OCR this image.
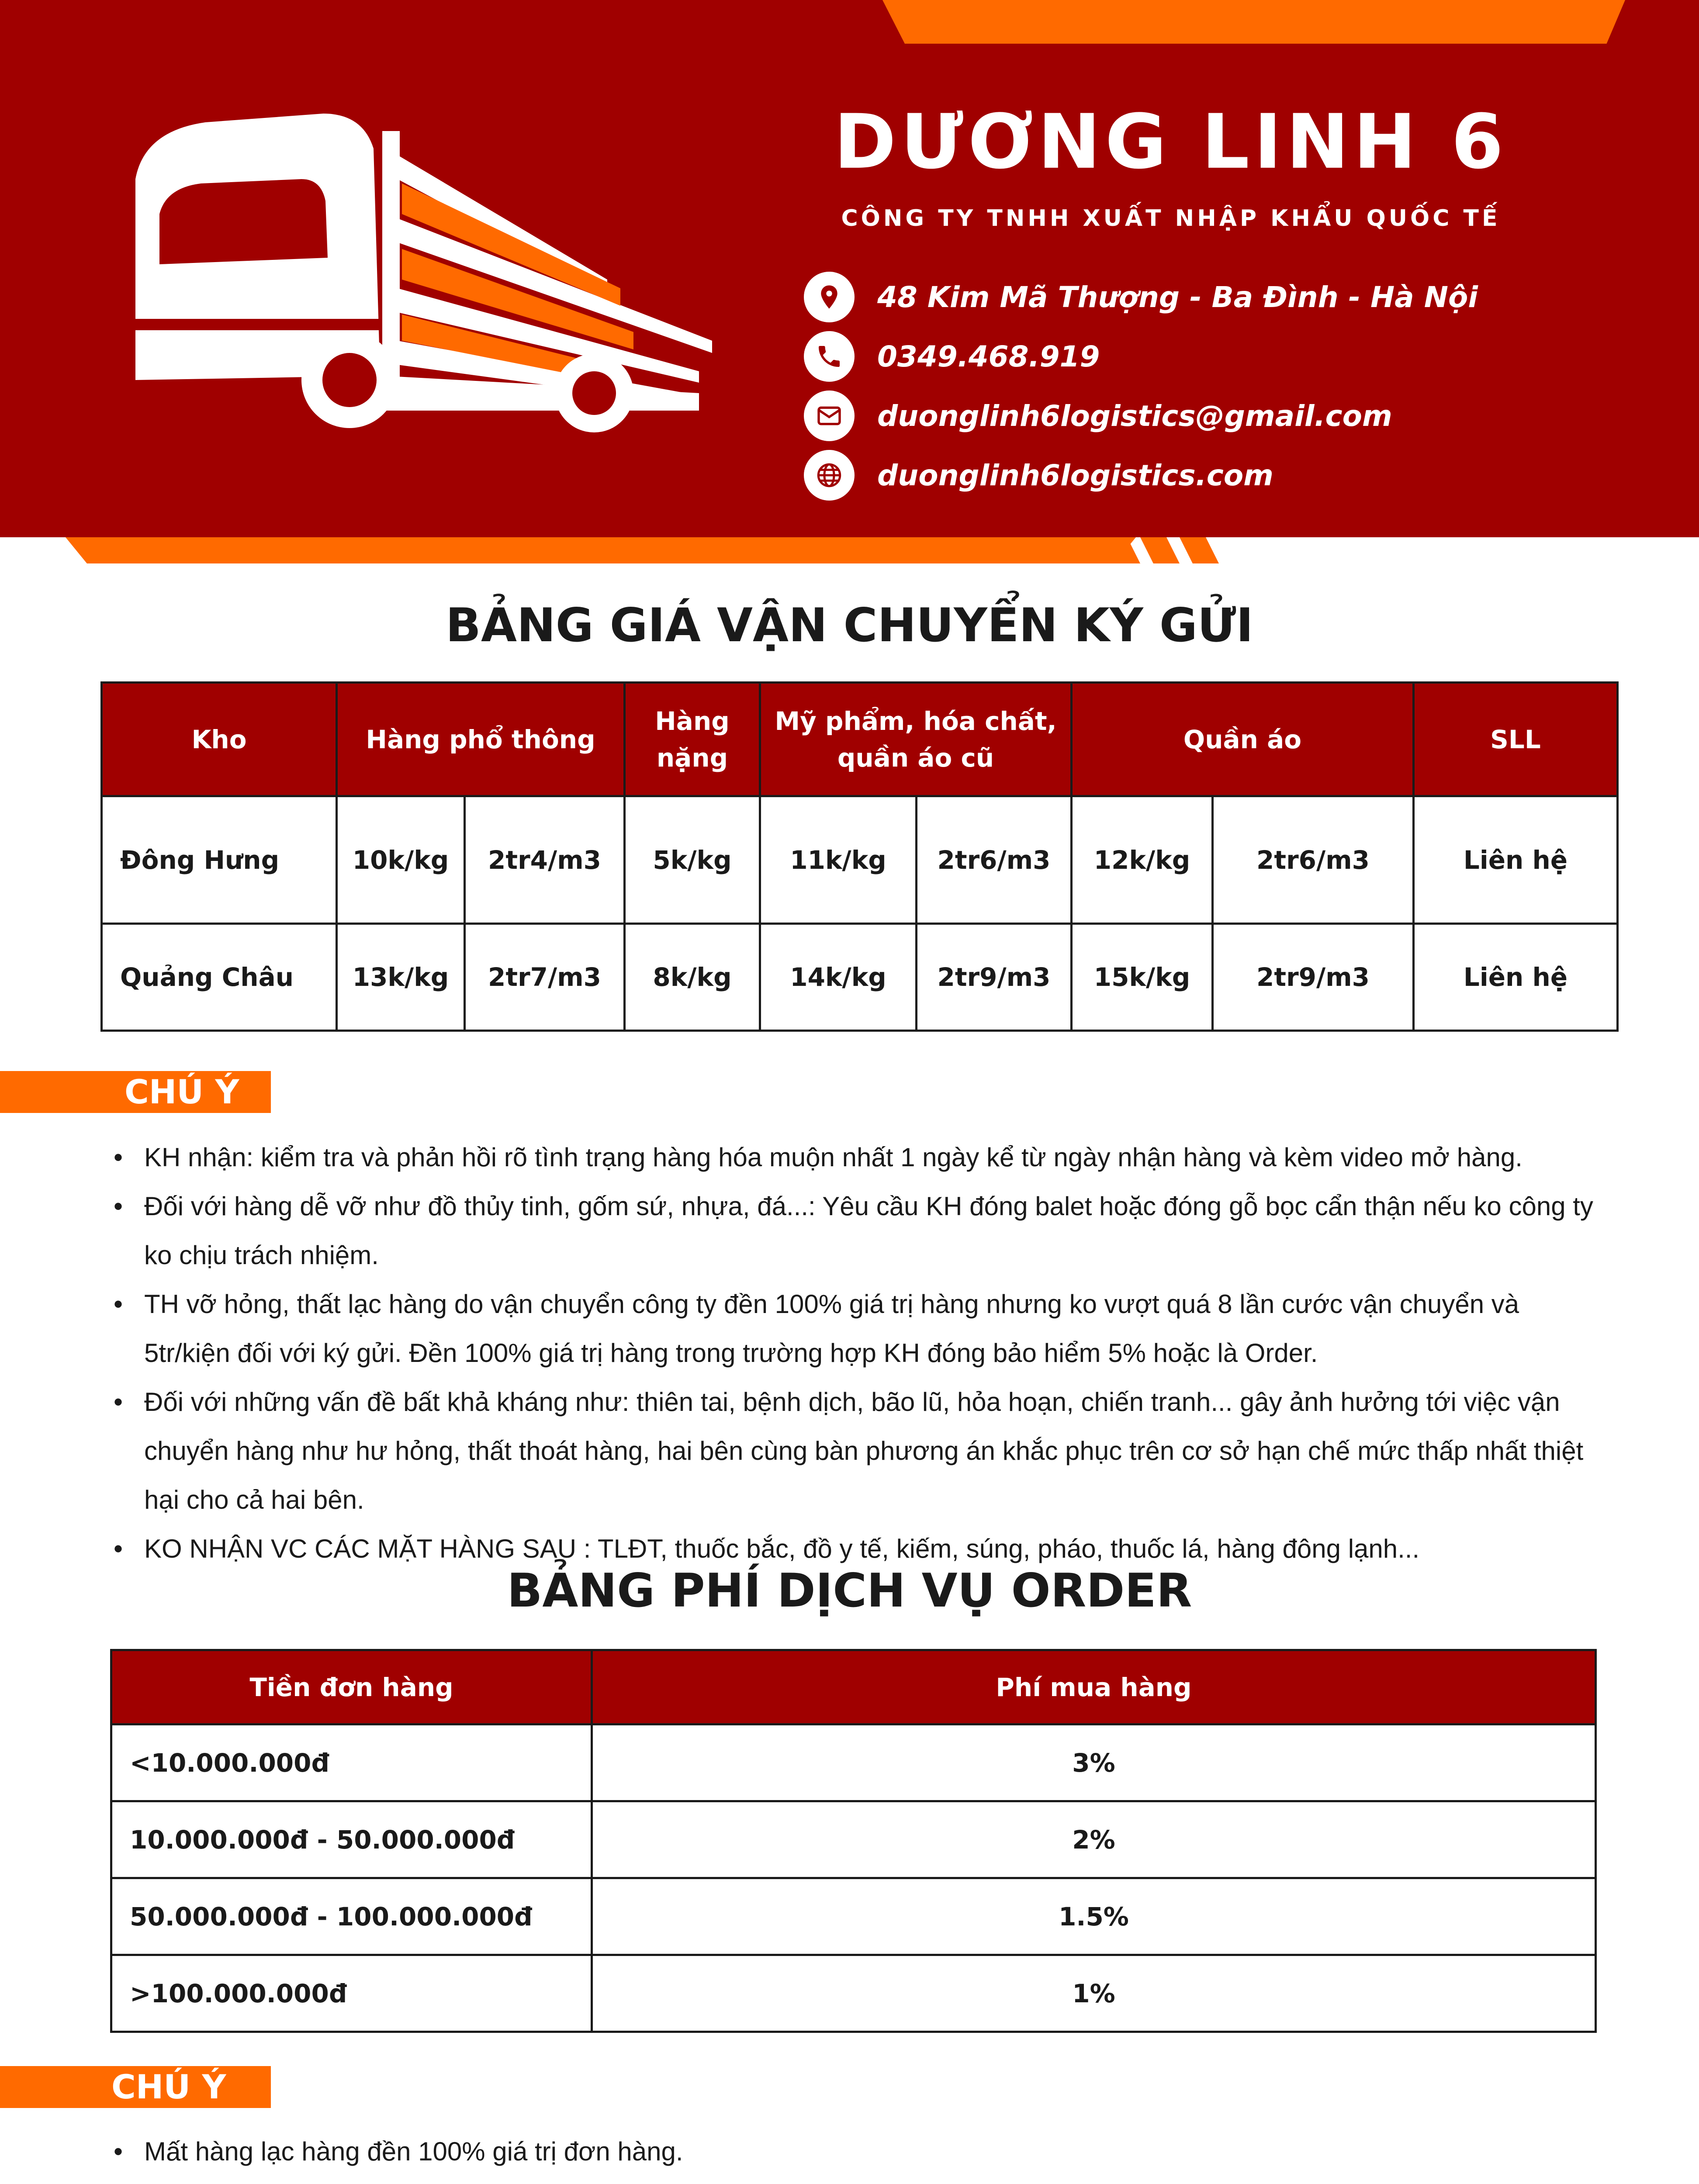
DƯƠNG LINH 6
CÔNG TY TNHH XUẤT NHẬP KHẨU QUỐC TẾ
48 Kim Mã Thượng - Ba Đình - Hà Nội
0349.468.919
duonglinh6logistics@gmail.com
duonglinh6logistics.com
BẢNG GIÁ VẬN CHUYỂN KÝ GỬI
Kho	Hàng phổ thông		Hàng nặng	Mỹ phẩm, hóa chất, quần áo cũ		Quần áo		SLL
Đông Hưng	10k/kg	2tr4/m3	5k/kg	11k/kg	2tr6/m3	12k/kg	2tr6/m3	Liên hệ
Quảng Châu	13k/kg	2tr7/m3	8k/kg	14k/kg	2tr9/m3	15k/kg	2tr9/m3	Liên hệ
CHÚ Ý
• KH nhận: kiểm tra và phản hồi rõ tình trạng hàng hóa muộn nhất 1 ngày kể từ ngày nhận hàng và kèm video mở hàng.
• Đối với hàng dễ vỡ như đồ thủy tinh, gốm sứ, nhựa, đá...: Yêu cầu KH đóng balet hoặc đóng gỗ bọc cẩn thận nếu ko công ty ko chịu trách nhiệm.
• TH vỡ hỏng, thất lạc hàng do vận chuyển công ty đền 100% giá trị hàng nhưng ko vượt quá 8 lần cước vận chuyển và 5tr/kiện đối với ký gửi. Đền 100% giá trị hàng trong trường hợp KH đóng bảo hiểm 5% hoặc là Order.
• Đối với những vấn đề bất khả kháng như: thiên tai, bệnh dịch, bão lũ, hỏa hoạn, chiến tranh... gây ảnh hưởng tới việc vận chuyển hàng như hư hỏng, thất thoát hàng, hai bên cùng bàn phương án khắc phục trên cơ sở hạn chế mức thấp nhất thiệt hại cho cả hai bên.
• KO NHẬN VC CÁC MẶT HÀNG SAU : TLĐT, thuốc bắc, đồ y tế, kiếm, súng, pháo, thuốc lá, hàng đông lạnh...
BẢNG PHÍ DỊCH VỤ ORDER
Tiền đơn hàng	Phí mua hàng
<10.000.000đ	3%
10.000.000đ - 50.000.000đ	2%
50.000.000đ - 100.000.000đ	1.5%
>100.000.000đ	1%
CHÚ Ý
• Mất hàng lạc hàng đền 100% giá trị đơn hàng.
•
